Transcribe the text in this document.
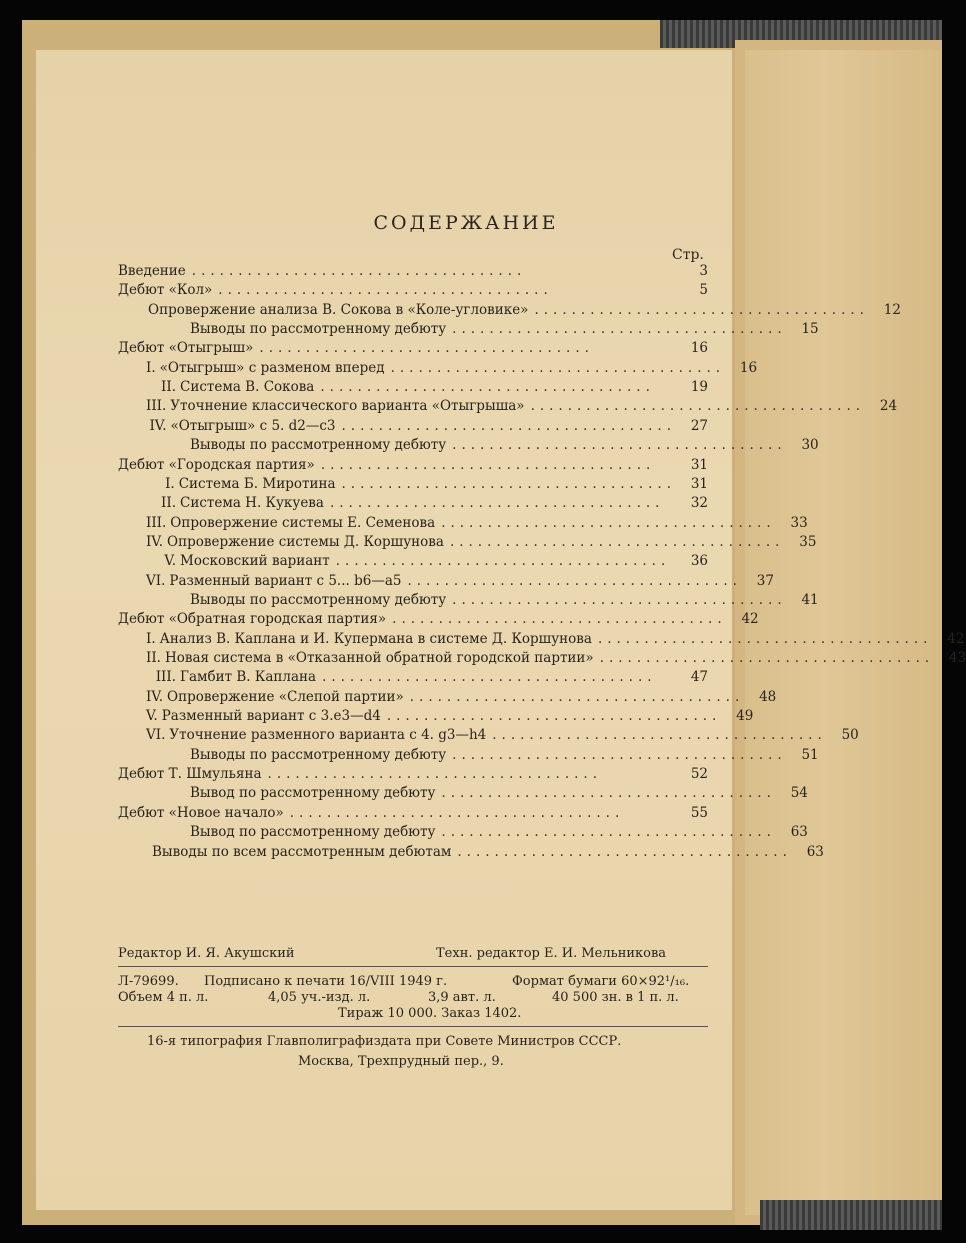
СОДЕРЖАНИЕ
Стр.
Введение ....................................	3
Дебют «Кол» ....................................	5
Опровержение анализа В. Сокова в «Коле-угловике» ....................................	12
Выводы по рассмотренному дебюту ....................................	15
Дебют «Отыгрыш» ....................................	16
I. «Отыгрыш» с разменом вперед ....................................	16
II. Система В. Сокова ....................................	19
III. Уточнение классического варианта «Отыгрыша» ....................................	24
IV. «Отыгрыш» с 5. d2—c3 ....................................	27
Выводы по рассмотренному дебюту ....................................	30
Дебют «Городская партия» ....................................	31
I. Система Б. Миротина ....................................	31
II. Система Н. Кукуева ....................................	32
III. Опровержение системы Е. Семенова ....................................	33
IV. Опровержение системы Д. Коршунова ....................................	35
V. Московский вариант ....................................	36
VI. Разменный вариант с 5... b6—a5 ....................................	37
Выводы по рассмотренному дебюту ....................................	41
Дебют «Обратная городская партия» ....................................	42
I. Анализ В. Каплана и И. Купермана в системе Д. Коршунова ....................................	42
II. Новая система в «Отказанной обратной городской партии» ....................................	43
III. Гамбит В. Каплана ....................................	47
IV. Опровержение «Слепой партии» ....................................	48
V. Разменный вариант с 3.e3—d4 ....................................	49
VI. Уточнение разменного варианта с 4. g3—h4 ....................................	50
Выводы по рассмотренному дебюту ....................................	51
Дебют Т. Шмульяна ....................................	52
Вывод по рассмотренному дебюту ....................................	54
Дебют «Новое начало» ....................................	55
Вывод по рассмотренному дебюту ....................................	63
Выводы по всем рассмотренным дебютам ....................................	63
Редактор И. Я. Акушский	Техн. редактор Е. И. Мельникова
Л-79699. Подписано к печати 16/VIII 1949 г.	Формат бумаги 60×92¹/₁₆.
Объем 4 п. л.	4,05 уч.-изд. л.	3,9 авт. л.	40 500 зн. в 1 п. л.
Тираж 10 000. Заказ 1402.
16-я типография Главполиграфиздата при Совете Министров СССР.
Москва, Трехпрудный пер., 9.
